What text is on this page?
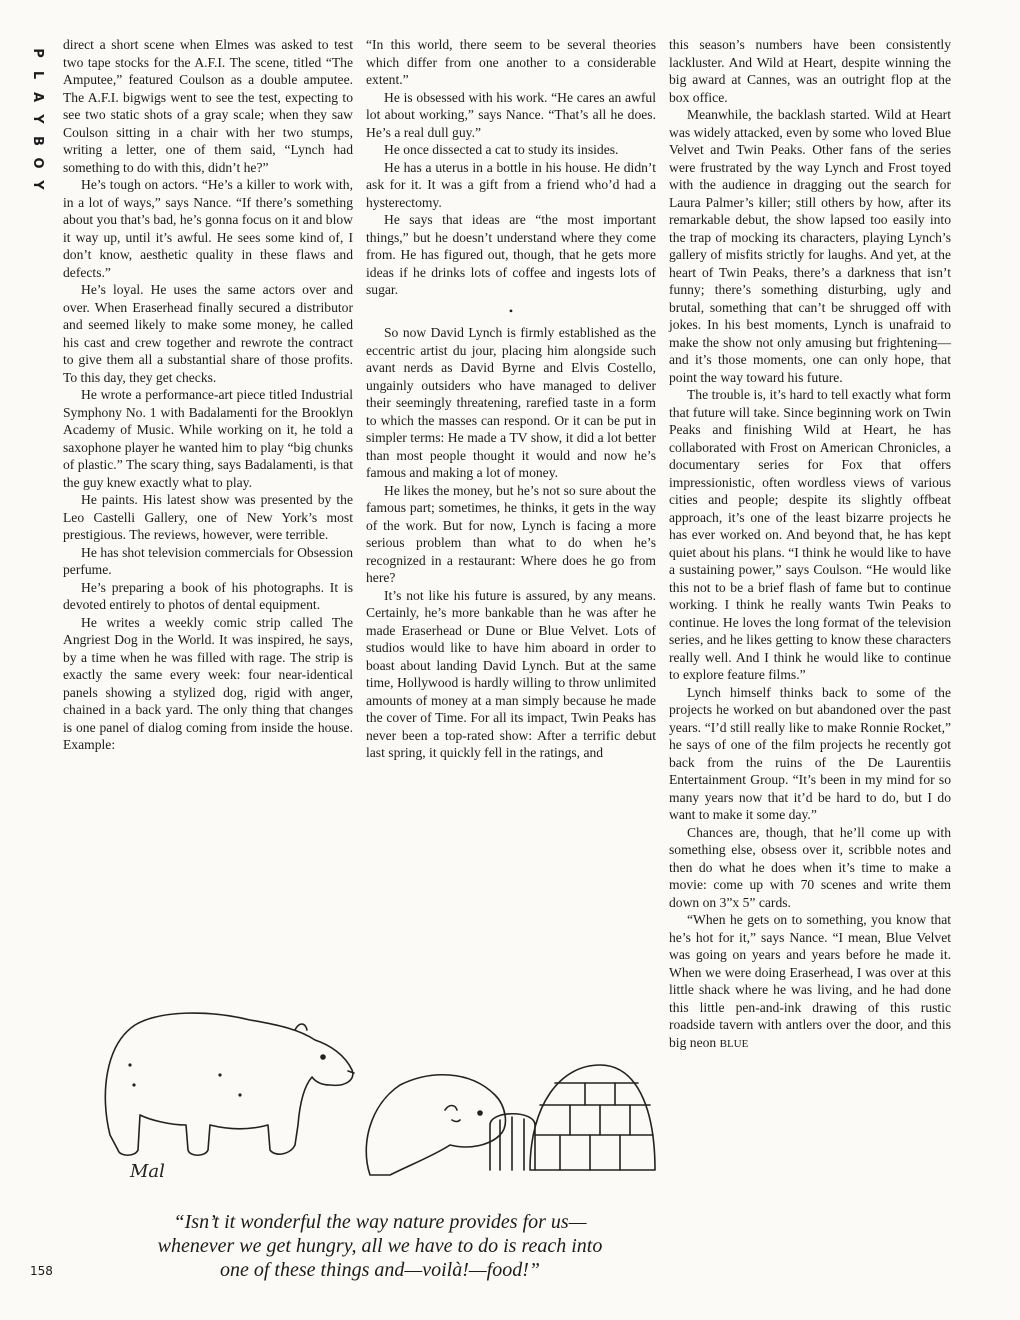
P
L
A
Y
B
O
Y

direct a short scene when Elmes was asked to test two tape stocks for the A.F.I. The scene, titled “The Amputee,” featured Coulson as a double amputee. The A.F.I. bigwigs went to see the test, expecting to see two static shots of a gray scale; when they saw Coulson sitting in a chair with her two stumps, writing a letter, one of them said, “Lynch had something to do with this, didn’t he?”

He’s tough on actors. “He’s a killer to work with, in a lot of ways,” says Nance. “If there’s something about you that’s bad, he’s gonna focus on it and blow it way up, until it’s awful. He sees some kind of, I don’t know, aesthetic quality in these flaws and defects.”

He’s loyal. He uses the same actors over and over. When Eraserhead finally secured a distributor and seemed likely to make some money, he called his cast and crew together and rewrote the contract to give them all a substantial share of those profits. To this day, they get checks.

He wrote a performance-art piece titled Industrial Symphony No. 1 with Badalamenti for the Brooklyn Academy of Music. While working on it, he told a saxophone player he wanted him to play “big chunks of plastic.” The scary thing, says Badalamenti, is that the guy knew exactly what to play.

He paints. His latest show was presented by the Leo Castelli Gallery, one of New York’s most prestigious. The reviews, however, were terrible.

He has shot television commercials for Obsession perfume.

He’s preparing a book of his photographs. It is devoted entirely to photos of dental equipment.

He writes a weekly comic strip called The Angriest Dog in the World. It was inspired, he says, by a time when he was filled with rage. The strip is exactly the same every week: four near-identical panels showing a stylized dog, rigid with anger, chained in a back yard. The only thing that changes is one panel of dialog coming from inside the house. Example:

“In this world, there seem to be several theories which differ from one another to a considerable extent.”

He is obsessed with his work. “He cares an awful lot about working,” says Nance. “That’s all he does. He’s a real dull guy.”

He once dissected a cat to study its insides.

He has a uterus in a bottle in his house. He didn’t ask for it. It was a gift from a friend who’d had a hysterectomy.

He says that ideas are “the most important things,” but he doesn’t understand where they come from. He has figured out, though, that he gets more ideas if he drinks lots of coffee and ingests lots of sugar.

•

So now David Lynch is firmly established as the eccentric artist du jour, placing him alongside such avant nerds as David Byrne and Elvis Costello, ungainly outsiders who have managed to deliver their seemingly threatening, rarefied taste in a form to which the masses can respond. Or it can be put in simpler terms: He made a TV show, it did a lot better than most people thought it would and now he’s famous and making a lot of money.

He likes the money, but he’s not so sure about the famous part; sometimes, he thinks, it gets in the way of the work. But for now, Lynch is facing a more serious problem than what to do when he’s recognized in a restaurant: Where does he go from here?

It’s not like his future is assured, by any means. Certainly, he’s more bankable than he was after he made Eraserhead or Dune or Blue Velvet. Lots of studios would like to have him aboard in order to boast about landing David Lynch. But at the same time, Hollywood is hardly willing to throw unlimited amounts of money at a man simply because he made the cover of Time. For all its impact, Twin Peaks has never been a top-rated show: After a terrific debut last spring, it quickly fell in the ratings, and

this season’s numbers have been consistently lackluster. And Wild at Heart, despite winning the big award at Cannes, was an outright flop at the box office.

Meanwhile, the backlash started. Wild at Heart was widely attacked, even by some who loved Blue Velvet and Twin Peaks. Other fans of the series were frustrated by the way Lynch and Frost toyed with the audience in dragging out the search for Laura Palmer’s killer; still others by how, after its remarkable debut, the show lapsed too easily into the trap of mocking its characters, playing Lynch’s gallery of misfits strictly for laughs. And yet, at the heart of Twin Peaks, there’s a darkness that isn’t funny; there’s something disturbing, ugly and brutal, something that can’t be shrugged off with jokes. In his best moments, Lynch is unafraid to make the show not only amusing but frightening—and it’s those moments, one can only hope, that point the way toward his future.

The trouble is, it’s hard to tell exactly what form that future will take. Since beginning work on Twin Peaks and finishing Wild at Heart, he has collaborated with Frost on American Chronicles, a documentary series for Fox that offers impressionistic, often wordless views of various cities and people; despite its slightly offbeat approach, it’s one of the least bizarre projects he has ever worked on. And beyond that, he has kept quiet about his plans. “I think he would like to have a sustaining power,” says Coulson. “He would like this not to be a brief flash of fame but to continue working. I think he really wants Twin Peaks to continue. He loves the long format of the television series, and he likes getting to know these characters really well. And I think he would like to continue to explore feature films.”

Lynch himself thinks back to some of the projects he worked on but abandoned over the past years. “I’d still really like to make Ronnie Rocket,” he says of one of the film projects he recently got back from the ruins of the De Laurentiis Entertainment Group. “It’s been in my mind for so many years now that it’d be hard to do, but I do want to make it some day.”

Chances are, though, that he’ll come up with something else, obsess over it, scribble notes and then do what he does when it’s time to make a movie: come up with 70 scenes and write them down on 3”x 5” cards.

“When he gets on to something, you know that he’s hot for it,” says Nance. “I mean, Blue Velvet was going on years and years before he made it. When we were doing Eraserhead, I was over at this little shack where he was living, and he had done this little pen-and-ink drawing of this rustic roadside tavern with antlers over the door, and this big neon BLUE

Mal
“Isn’t it wonderful the way nature provides for us—whenever we get hungry, all we have to do is reach into one of these things and—voilà!—food!”
158
